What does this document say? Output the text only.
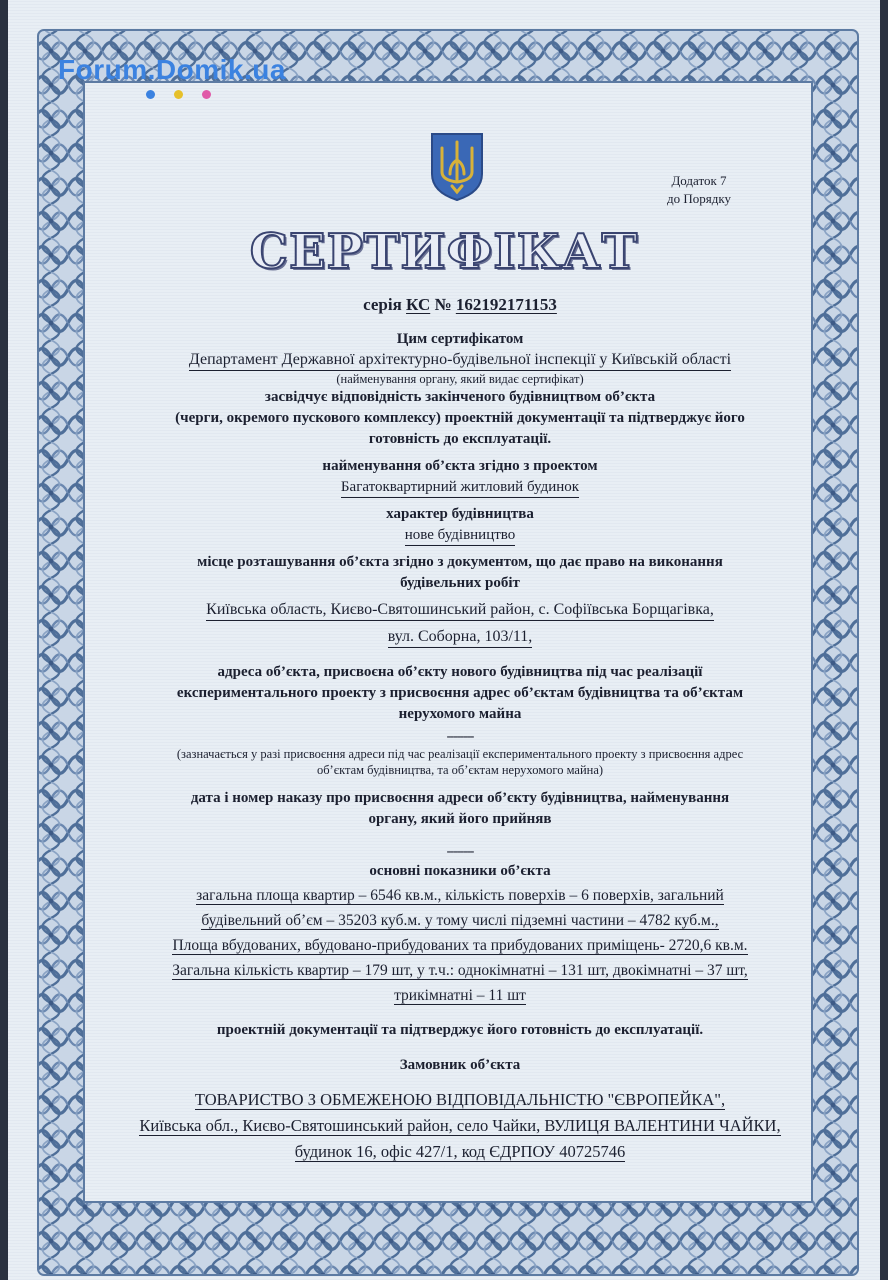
Forum.Domik.ua
Додаток 7
до Порядку
СЕРТИФІКАТ
серія КС № 162192171153
Цим сертифікатом
Департамент Державної архітектурно-будівельної інспекції у Київській області
(найменування органу, який видає сертифікат)
засвідчує відповідність закінченого будівництвом об’єкта
(черги, окремого пускового комплексу) проектній документації та підтверджує його
готовність до експлуатації.
найменування об’єкта згідно з проектом
Багатоквартирний житловий будинок
характер будівництва
нове будівництво
місце розташування об’єкта згідно з документом, що дає право на виконання
будівельних робіт
Київська область, Києво-Святошинський район, с. Софіївська Борщагівка,
вул. Соборна, 103/11,
адреса об’єкта, присвоєна об’єкту нового будівництва під час реалізації
експериментального проекту з присвоєння адрес об’єктам будівництва та об’єктам
нерухомого майна
--------
(зазначається у разі присвоєння адреси під час реалізації експериментального проекту з присвоєння адрес
об’єктам будівництва, та об’єктам нерухомого майна)
дата і номер наказу про присвоєння адреси об’єкту будівництва, найменування
органу, який його прийняв
--------
основні показники об’єкта
загальна площа квартир – 6546 кв.м., кількість поверхів – 6 поверхів, загальний
будівельний об’єм – 35203 куб.м. у тому числі підземні частини – 4782 куб.м.,
Площа вбудованих, вбудовано-прибудованих та прибудованих приміщень- 2720,6 кв.м.
Загальна кількість квартир – 179 шт, у т.ч.: однокімнатні – 131 шт, двокімнатні – 37 шт,
трикімнатні – 11 шт
проектній документації та підтверджує його готовність до експлуатації.
Замовник об’єкта
ТОВАРИСТВО З ОБМЕЖЕНОЮ ВІДПОВІДАЛЬНІСТЮ "ЄВРОПЕЙКА",
Київська обл., Києво-Святошинський район, село Чайки, ВУЛИЦЯ ВАЛЕНТИНИ ЧАЙКИ,
будинок 16, офіс 427/1, код ЄДРПОУ 40725746
